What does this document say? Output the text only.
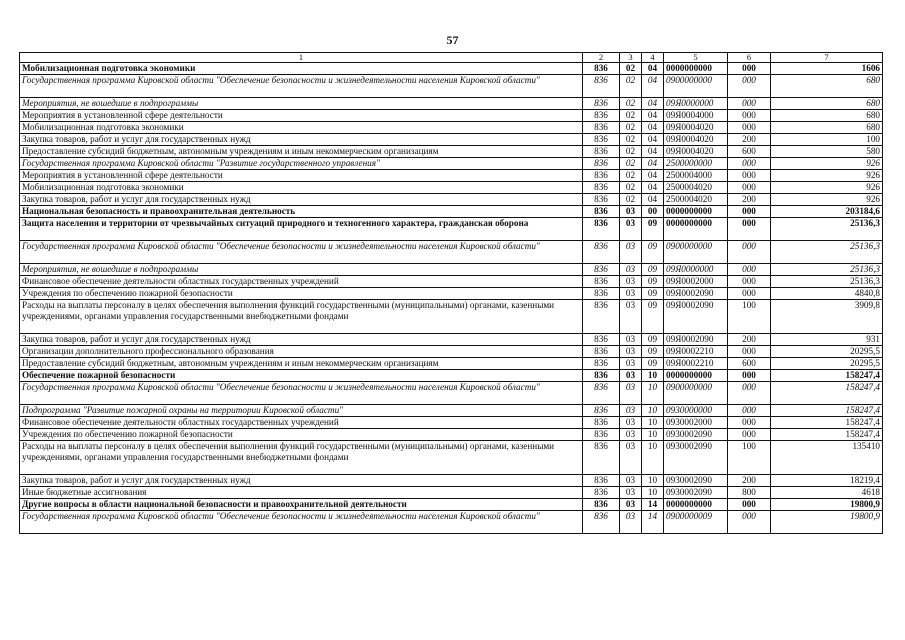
57
1	2	3	4	5	6	7
Мобилизационная подготовка экономики	836	02	04	0000000000	000	1606
Государственная программа Кировской области "Обеспечение безопасности и жизнедеятельности населения Кировской области"	836	02	04	0900000000	000	680
Мероприятия, не вошедшие в подпрограммы	836	02	04	09Я0000000	000	680
Мероприятия в установленной сфере деятельности	836	02	04	09Я0004000	000	680
Мобилизационная подготовка экономики	836	02	04	09Я0004020	000	680
Закупка товаров, работ и услуг для государственных нужд	836	02	04	09Я0004020	200	100
Предоставление субсидий бюджетным, автономным учреждениям и иным некоммерческим организациям	836	02	04	09Я0004020	600	580
Государственная программа Кировской области "Развитие государственного управления"	836	02	04	2500000000	000	926
Мероприятия в установленной сфере деятельности	836	02	04	2500004000	000	926
Мобилизационная подготовка экономики	836	02	04	2500004020	000	926
Закупка товаров, работ и услуг для государственных нужд	836	02	04	2500004020	200	926
Национальная безопасность и правоохранительная деятельность	836	03	00	0000000000	000	203184,6
Защита населения и территории от чрезвычайных ситуаций природного и техногенного характера, гражданская оборона	836	03	09	0000000000	000	25136,3
Государственная программа Кировской области "Обеспечение безопасности и жизнедеятельности населения Кировской области"	836	03	09	0900000000	000	25136,3
Мероприятия, не вошедшие в подпрограммы	836	03	09	09Я0000000	000	25136,3
Финансовое обеспечение деятельности областных государственных учреждений	836	03	09	09Я0002000	000	25136,3
Учреждения по обеспечению пожарной безопасности	836	03	09	09Я0002090	000	4840,8
Расходы на выплаты персоналу в целях обеспечения выполнения функций государственными (муниципальными) органами, казенными учреждениями, органами управления государственными внебюджетными фондами	836	03	09	09Я0002090	100	3909,8
Закупка товаров, работ и услуг для государственных нужд	836	03	09	09Я0002090	200	931
Организации дополнительного профессионального образования	836	03	09	09Я0002210	000	20295,5
Предоставление субсидий бюджетным, автономным учреждениям и иным некоммерческим организациям	836	03	09	09Я0002210	600	20295,5
Обеспечение пожарной безопасности	836	03	10	0000000000	000	158247,4
Государственная программа Кировской области "Обеспечение безопасности и жизнедеятельности населения Кировской области"	836	03	10	0900000000	000	158247,4
Подпрограмма "Развитие пожарной охраны на территории Кировской области"	836	03	10	0930000000	000	158247,4
Финансовое обеспечение деятельности областных государственных учреждений	836	03	10	0930002000	000	158247,4
Учреждения по обеспечению пожарной безопасности	836	03	10	0930002090	000	158247,4
Расходы на выплаты персоналу в целях обеспечения выполнения функций государственными (муниципальными) органами, казенными учреждениями, органами управления государственными внебюджетными фондами	836	03	10	0930002090	100	135410
Закупка товаров, работ и услуг для государственных нужд	836	03	10	0930002090	200	18219,4
Иные бюджетные ассигнования	836	03	10	0930002090	800	4618
Другие вопросы в области национальной безопасности и правоохранительной деятельности	836	03	14	0000000000	000	19800,9
Государственная программа Кировской области "Обеспечение безопасности и жизнедеятельности населения Кировской области"	836	03	14	0900000009	000	19800,9
